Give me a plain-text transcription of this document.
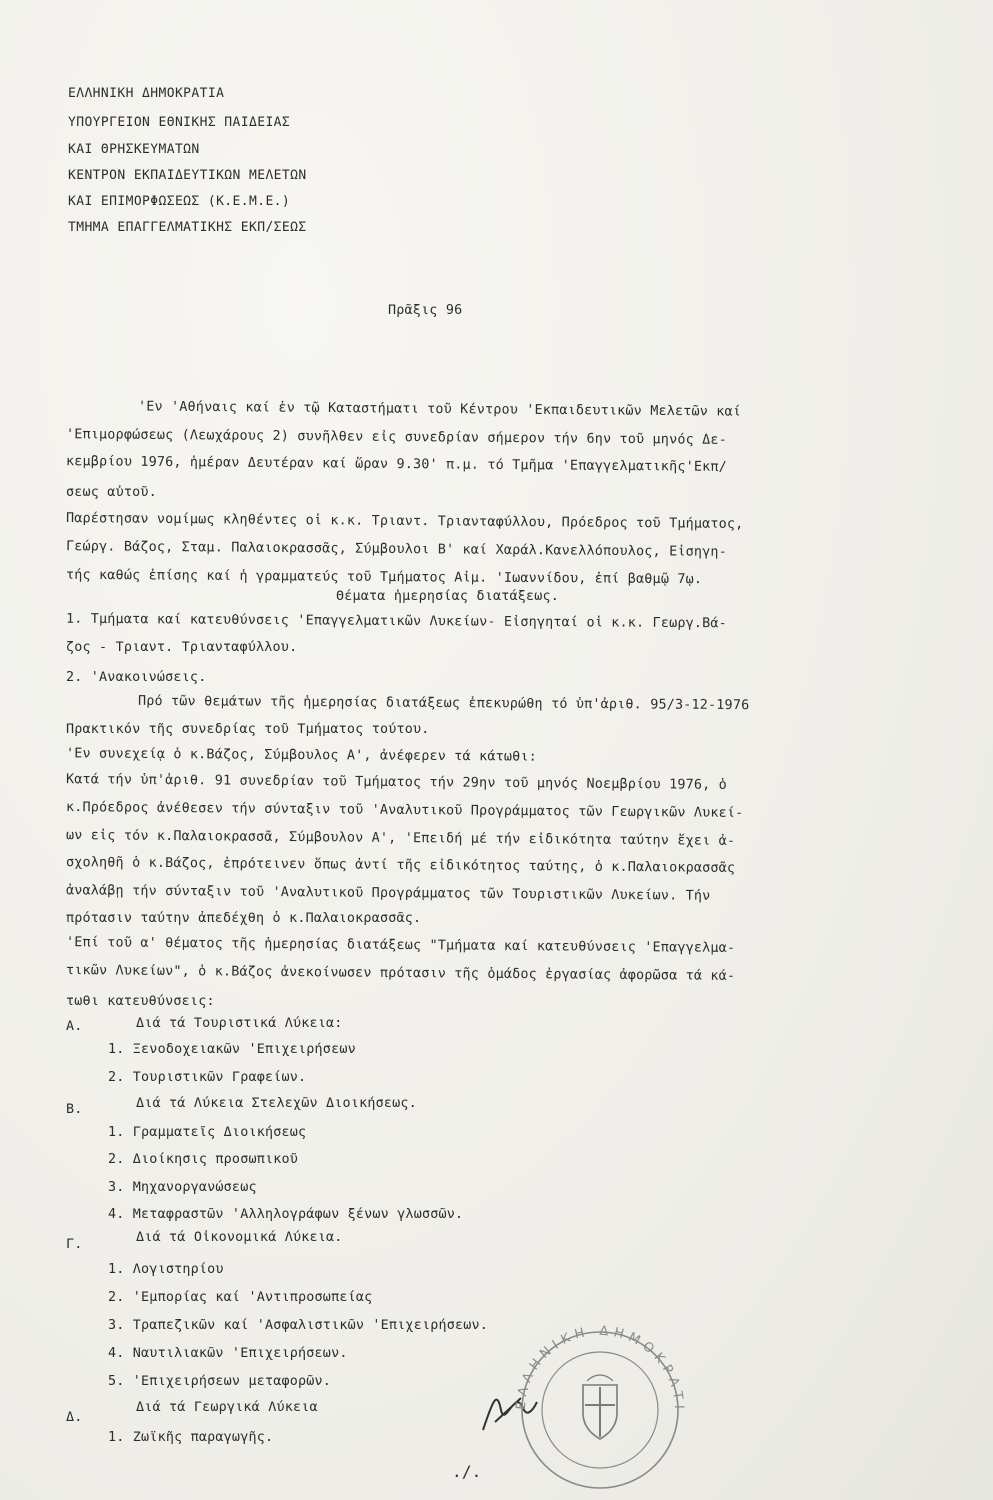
ΕΛΛΗΝΙΚΗ ΔΗΜΟΚΡΑΤΙΑ
ΥΠΟΥΡΓΕΙΟΝ ΕΘΝΙΚΗΣ ΠΑΙΔΕΙΑΣ
ΚΑΙ ΘΡΗΣΚΕΥΜΑΤΩΝ
ΚΕΝΤΡΟΝ ΕΚΠΑΙΔΕΥΤΙΚΩΝ ΜΕΛΕΤΩΝ
ΚΑΙ ΕΠΙΜΟΡΦΩΣΕΩΣ (Κ.Ε.Μ.Ε.)
ΤΜΗΜΑ ΕΠΑΓΓΕΛΜΑΤΙΚΗΣ ΕΚΠ/ΣΕΩΣ
Πρᾶξις 96
'Εν 'Αθήναις καί ἐν τῷ Καταστήματι τοῦ Κέντρου 'Εκπαιδευτικῶν Μελετῶν καί
'Επιμορφώσεως (Λεωχάρους 2) συνῆλθεν εἰς συνεδρίαν σήμερον τήν 6ην τοῦ μηνός Δε-
κεμβρίου 1976, ἡμέραν Δευτέραν καί ὥραν 9.30' π.μ. τό Τμῆμα 'Επαγγελματικῆς'Εκπ/
σεως αὐτοῦ.
Παρέστησαν νομίμως κληθέντες οἱ κ.κ. Τριαντ. Τριανταφύλλου, Πρόεδρος τοῦ Τμήματος,
Γεώργ. Βάζος, Σταμ. Παλαιοκρασσᾶς, Σύμβουλοι Β' καί Χαράλ.Κανελλόπουλος, Εἰσηγη-
τής καθώς ἐπίσης καί ἡ γραμματεύς τοῦ Τμήματος Αἰμ. 'Ιωαννίδου, ἐπί βαθμῷ 7ῳ.
Θέματα ἡμερησίας διατάξεως.
1. Τμήματα καί κατευθύνσεις 'Επαγγελματικῶν Λυκείων- Εἰσηγηταί οἱ κ.κ. Γεωργ.Βά-
ζος - Τριαντ. Τριανταφύλλου.
2. 'Ανακοινώσεις.
Πρό τῶν θεμάτων τῆς ἡμερησίας διατάξεως ἐπεκυρώθη τό ὑπ'ἀριθ. 95/3-12-1976
Πρακτικόν τῆς συνεδρίας τοῦ Τμήματος τούτου.
'Εν συνεχείᾳ ὁ κ.Βάζος, Σύμβουλος Α', ἀνέφερεν τά κάτωθι:
Κατά τήν ὑπ'ἀριθ. 91 συνεδρίαν τοῦ Τμήματος τήν 29ην τοῦ μηνός Νοεμβρίου 1976, ὁ
κ.Πρόεδρος ἀνέθεσεν τήν σύνταξιν τοῦ 'Αναλυτικοῦ Προγράμματος τῶν Γεωργικῶν Λυκεί-
ων εἰς τόν κ.Παλαιοκρασσᾶ, Σύμβουλον Α', 'Επειδή μέ τήν εἰδικότητα ταύτην ἔχει ἀ-
σχοληθῆ ὁ κ.Βάζος, ἐπρότεινεν ὅπως ἀντί τῆς εἰδικότητος ταύτης, ὁ κ.Παλαιοκρασσᾶς
ἀναλάβῃ τήν σύνταξιν τοῦ 'Αναλυτικοῦ Προγράμματος τῶν Τουριστικῶν Λυκείων. Τήν
πρότασιν ταύτην ἀπεδέχθη ὁ κ.Παλαιοκρασσᾶς.
'Επί τοῦ α' θέματος τῆς ἡμερησίας διατάξεως "Τμήματα καί κατευθύνσεις 'Επαγγελμα-
τικῶν Λυκείων", ὁ κ.Βάζος ἀνεκοίνωσεν πρότασιν τῆς ὁμάδος ἐργασίας ἀφορῶσα τά κά-
τωθι κατευθύνσεις:
Α.	Διά τά Τουριστικά Λύκεια:
1. Ξενοδοχειακῶν 'Επιχειρήσεων
2. Τουριστικῶν Γραφείων.
Β.	Διά τά Λύκεια Στελεχῶν Διοικήσεως.
1. Γραμματεῖς Διοικήσεως
2. Διοίκησις προσωπικοῦ
3. Μηχανοργανώσεως
4. Μεταφραστῶν 'Αλληλογράφων ξένων γλωσσῶν.
Γ.	Διά τά Οἰκονομικά Λύκεια.
1. Λογιστηρίου
2. 'Εμπορίας καί 'Αντιπροσωπείας
3. Τραπεζικῶν καί 'Ασφαλιστικῶν 'Επιχειρήσεων.
4. Ναυτιλιακῶν 'Επιχειρήσεων.
5. 'Επιχειρήσεων μεταφορῶν.
Δ.
Διά τά Γεωργικά Λύκεια
1. Ζωϊκῆς παραγωγῆς.
./.
ΕΛΛΗΝΙΚΗ ΔΗΜΟΚΡΑΤΙ
